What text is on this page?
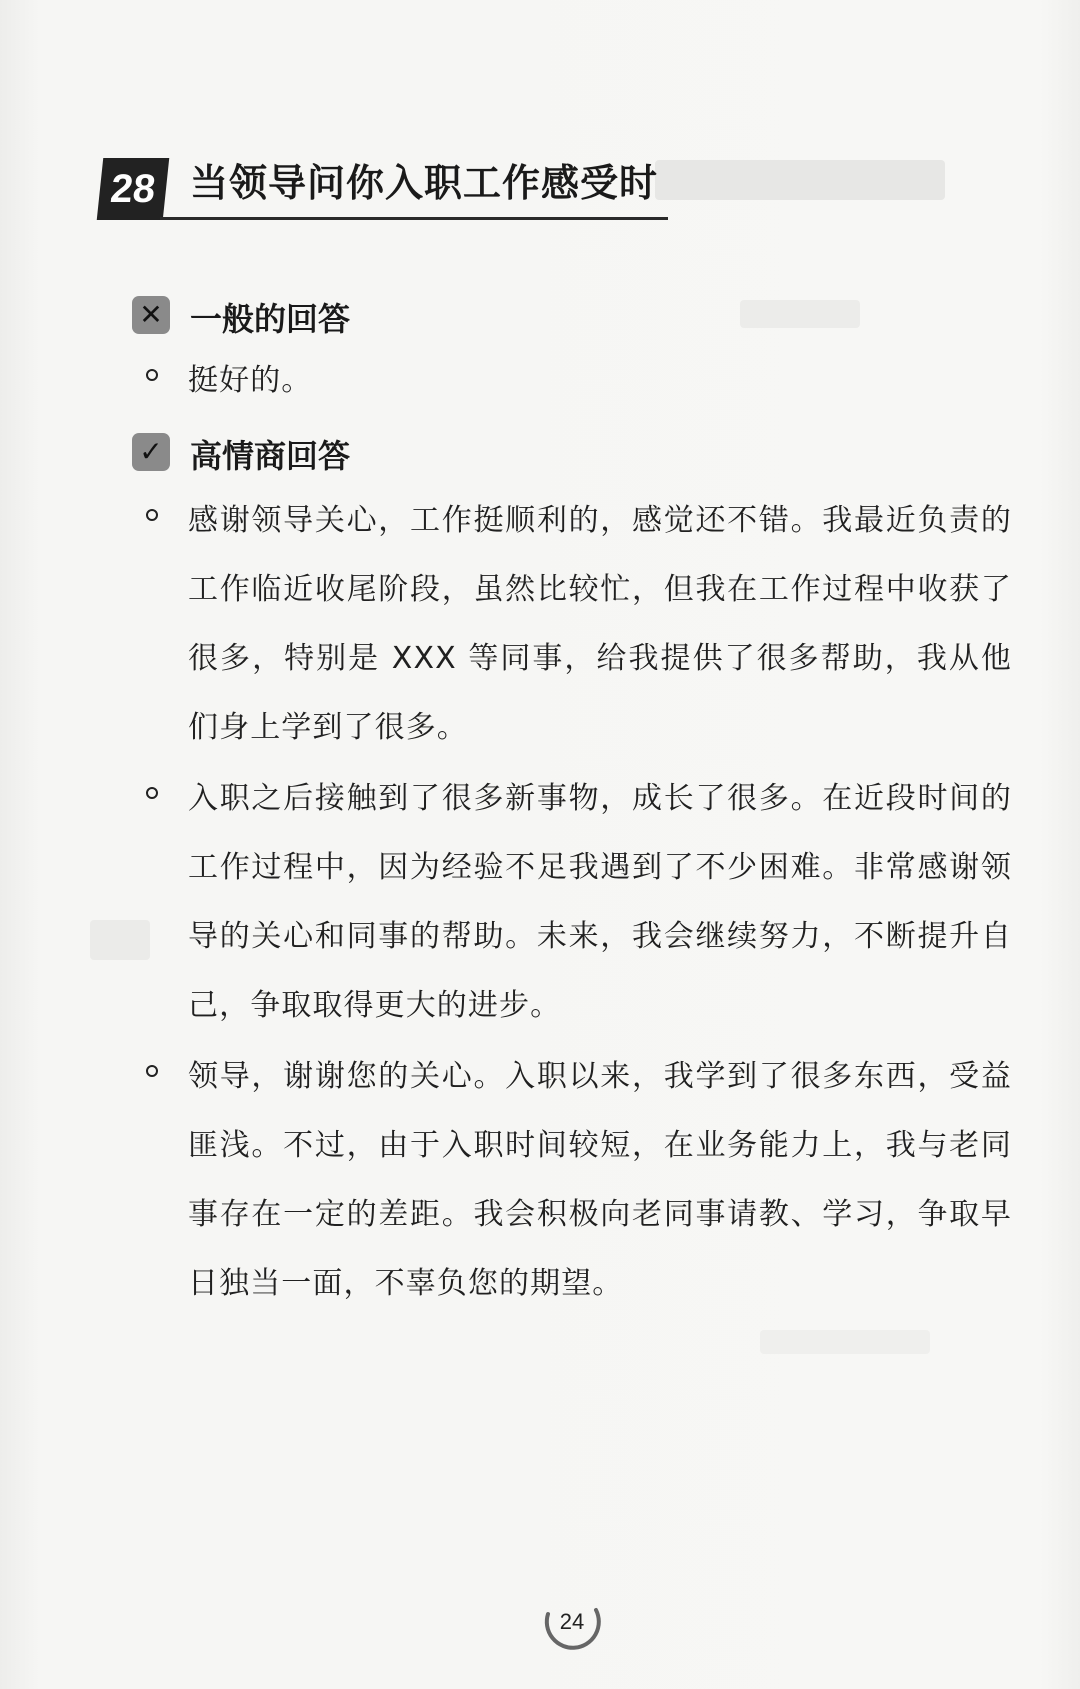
28 当领导问你入职工作感受时
✕ 一般的回答
挺好的。
✓ 高情商回答
感谢领导关心，工作挺顺利的，感觉还不错。我最近负责的工作临近收尾阶段，虽然比较忙，但我在工作过程中收获了很多，特别是 XXX 等同事，给我提供了很多帮助，我从他们身上学到了很多。
入职之后接触到了很多新事物，成长了很多。在近段时间的工作过程中，因为经验不足我遇到了不少困难。非常感谢领导的关心和同事的帮助。未来，我会继续努力，不断提升自己，争取取得更大的进步。
领导，谢谢您的关心。入职以来，我学到了很多东西，受益匪浅。不过，由于入职时间较短，在业务能力上，我与老同事存在一定的差距。我会积极向老同事请教、学习，争取早日独当一面，不辜负您的期望。
24
